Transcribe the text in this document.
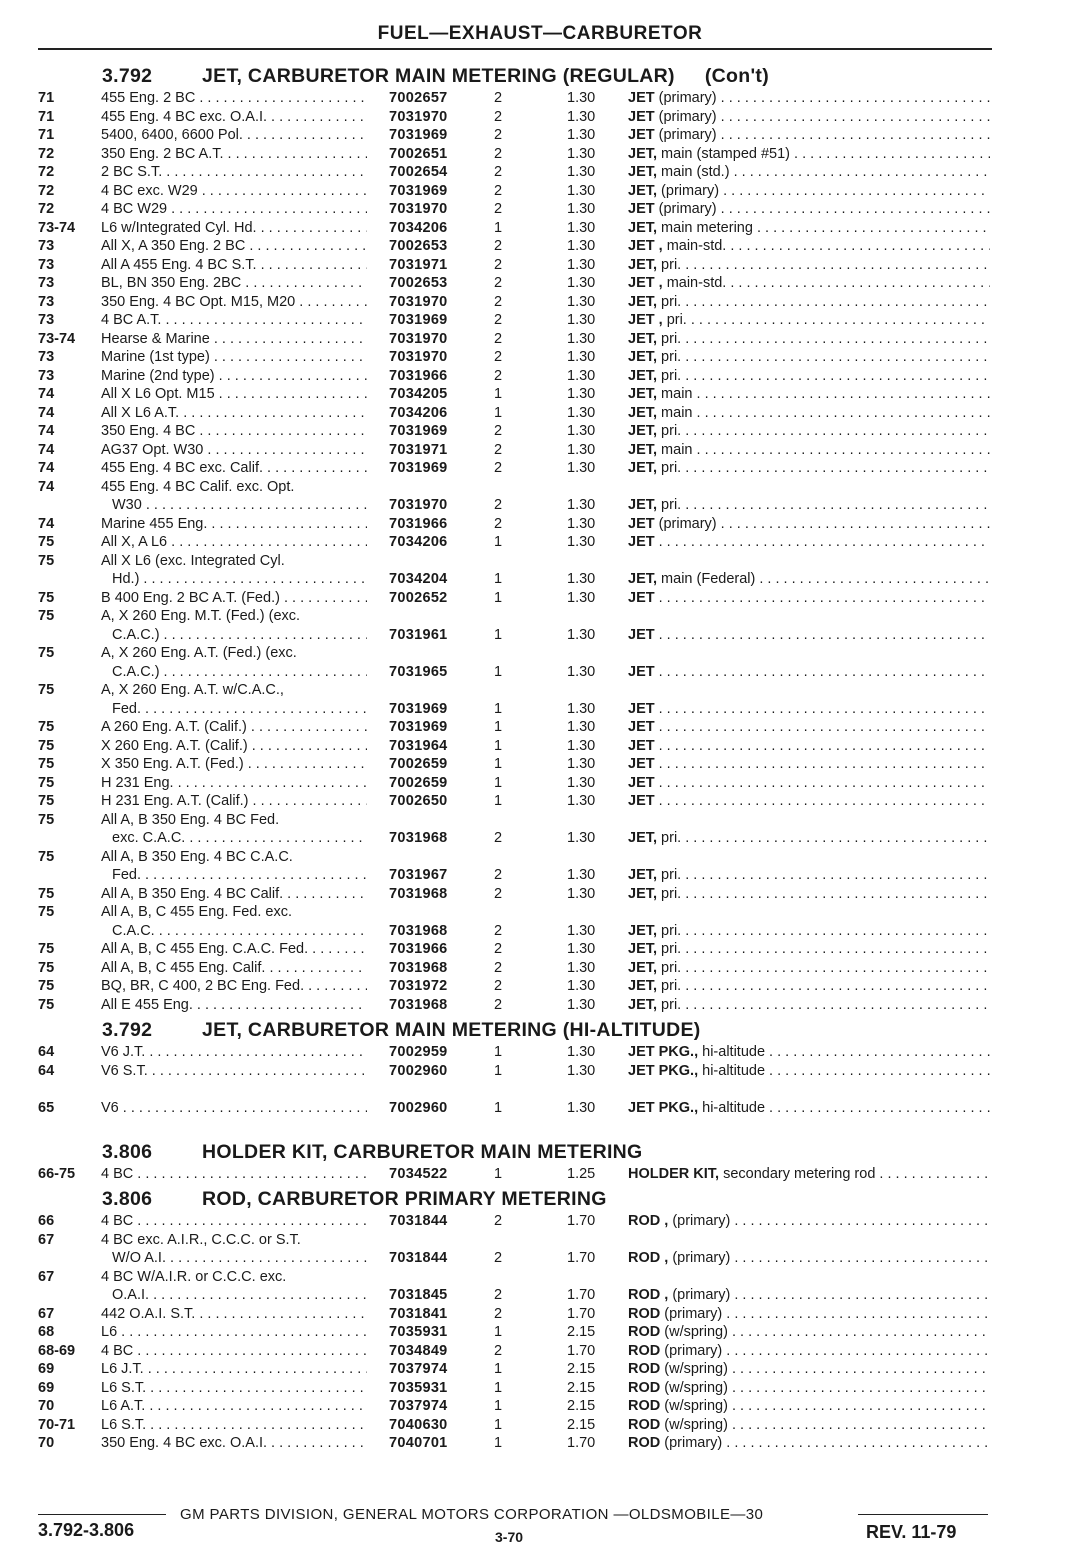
FUEL—EXHAUST—CARBURETOR
3.792	JET, CARBURETOR MAIN METERING (REGULAR) (Con't)
71	455 Eng. 2 BC . . .	7002657	2	1.30 JET (primary) . . .
71	455 Eng. 4 BC exc. O.A.I. . . .	7031970	2	1.30 JET (primary) . . .
71	5400, 6400, 6600 Pol. . . .	7031969	2	1.30 JET (primary) . . .
72	350 Eng. 2 BC A.T. . . .	7002651	2	1.30 JET, main (stamped #51) . . .
72	2 BC S.T. . . .	7002654	2	1.30 JET, main (std.) . . .
72	4 BC exc. W29 . . .	7031969	2	1.30 JET, (primary) . . .
72	4 BC W29 . . .	7031970	2	1.30 JET (primary) . . .
73-74 L6 w/Integrated Cyl. Hd. . . .	7034206	1	1.30 JET, main metering . . .
73	All X, A 350 Eng. 2 BC . . .	7002653	2	1.30 JET , main-std. . . .
73	All A 455 Eng. 4 BC S.T. . . .	7031971	2	1.30 JET, pri. . . .
73	BL, BN 350 Eng. 2BC . . .	7002653	2	1.30 JET , main-std. . . .
73	350 Eng. 4 BC Opt. M15, M20 . . .	7031970	2	1.30 JET, pri. . . .
73	4 BC A.T. . . .	7031969	2	1.30 JET , pri. . . .
73-74 Hearse & Marine . . .	7031970	2	1.30 JET, pri. . . .
73	Marine (1st type) . . .	7031970	2	1.30 JET, pri. . . .
73	Marine (2nd type) . . .	7031966	2	1.30 JET, pri. . . .
74	All X L6 Opt. M15 . . .	7034205	1	1.30 JET, main . . .
74	All X L6 A.T. . . .	7034206	1	1.30 JET, main . . .
74	350 Eng. 4 BC . . .	7031969	2	1.30 JET, pri. . . .
74	AG37 Opt. W30 . . .	7031971	2	1.30 JET, main . . .
74	455 Eng. 4 BC exc. Calif. . . .	7031969	2	1.30 JET, pri. . . .
74	455 Eng. 4 BC Calif. exc. Opt.
W30 . . .	7031970	2	1.30 JET, pri. . . .
74	Marine 455 Eng. . . .	7031966	2	1.30 JET (primary) . . .
75	All X, A L6 . . .	7034206	1	1.30 JET . . .
75	All X L6 (exc. Integrated Cyl.
Hd.) . . .	7034204	1	1.30 JET, main (Federal) . . .
75	B 400 Eng. 2 BC A.T. (Fed.) . . .	7002652	1	1.30 JET . . .
75	A, X 260 Eng. M.T. (Fed.) (exc.
C.A.C.) . . .	7031961	1	1.30 JET . . .
75	A, X 260 Eng. A.T. (Fed.) (exc.
C.A.C.) . . .	7031965	1	1.30 JET . . .
75	A, X 260 Eng. A.T. w/C.A.C.,
Fed. . . .	7031969	1	1.30 JET . . .
75	A 260 Eng. A.T. (Calif.) . . .	7031969	1	1.30 JET . . .
75	X 260 Eng. A.T. (Calif.) . . .	7031964	1	1.30 JET . . .
75	X 350 Eng. A.T. (Fed.) . . .	7002659	1	1.30 JET . . .
75	H 231 Eng. . . .	7002659	1	1.30 JET . . .
75	H 231 Eng. A.T. (Calif.) . . .	7002650	1	1.30 JET . . .
75	All A, B 350 Eng. 4 BC Fed.
exc. C.A.C. . . .	7031968	2	1.30 JET, pri. . . .
75	All A, B 350 Eng. 4 BC C.A.C.
Fed. . . .	7031967	2	1.30 JET, pri. . . .
75	All A, B 350 Eng. 4 BC Calif. . . .	7031968	2	1.30 JET, pri. . . .
75	All A, B, C 455 Eng. Fed. exc.
C.A.C. . . .	7031968	2	1.30 JET, pri. . . .
75	All A, B, C 455 Eng. C.A.C. Fed. . . .	7031966	2	1.30 JET, pri. . . .
75	All A, B, C 455 Eng. Calif. . . .	7031968	2	1.30 JET, pri. . . .
75	BQ, BR, C 400, 2 BC Eng. Fed. . . .	7031972	2	1.30 JET, pri. . . .
75	All E 455 Eng. . . .	7031968	2	1.30 JET, pri. . . .
3.792	JET, CARBURETOR MAIN METERING (HI-ALTITUDE)
64	V6 J.T. . . .	7002959	1	1.30 JET PKG., hi-altitude . . .
64	V6 S.T. . . .	7002960	1	1.30 JET PKG., hi-altitude . . .
65	V6 . . .	7002960	1	1.30 JET PKG., hi-altitude . . .
3.806	HOLDER KIT, CARBURETOR MAIN METERING
66-75 4 BC . . .	7034522	1	1.25 HOLDER KIT, secondary metering rod . . .
3.806	ROD, CARBURETOR PRIMARY METERING
66	4 BC . . .	7031844	2	1.70 ROD , (primary) . . .
67	4 BC exc. A.I.R., C.C.C. or S.T.
W/O A.I. . . .	7031844	2	1.70 ROD , (primary) . . .
67	4 BC W/A.I.R. or C.C.C. exc.
O.A.I. . . .	7031845	2	1.70 ROD , (primary) . . .
67	442 O.A.I. S.T. . . .	7031841	2	1.70 ROD (primary) . . .
68	L6 . . .	7035931	1	2.15 ROD (w/spring) . . .
68-69 4 BC . . .	7034849	2	1.70 ROD (primary) . . .
69	L6 J.T. . . .	7037974	1	2.15 ROD (w/spring) . . .
69	L6 S.T. . . .	7035931	1	2.15 ROD (w/spring) . . .
70	L6 A.T. . . .	7037974	1	2.15 ROD (w/spring) . . .
70-71 L6 S.T. . . .	7040630	1	2.15 ROD (w/spring) . . .
70	350 Eng. 4 BC exc. O.A.I. . . .	7040701	1	1.70 ROD (primary) . . .
GM PARTS DIVISION, GENERAL MOTORS CORPORATION —OLDSMOBILE—30
3.792-3.806	3-70	REV. 11-79
